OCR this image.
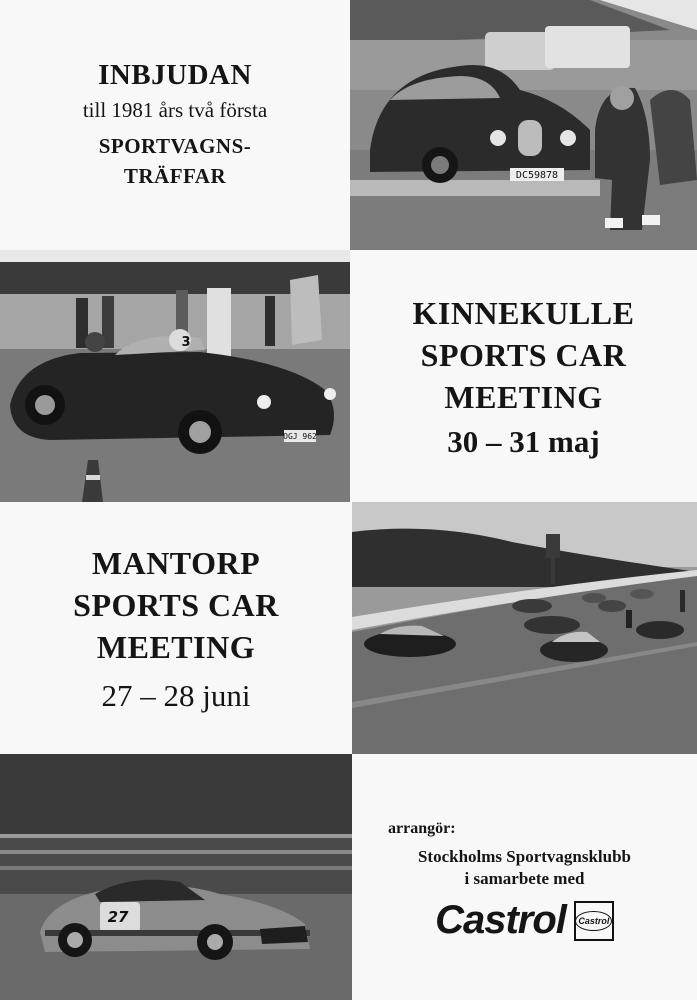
INBJUDAN
till 1981 års två första
SPORTVAGNS-
TRÄFFAR	DC59878
3
OGJ 962
KINNEKULLE
SPORTS CAR
MEETING
30 – 31 maj
MANTORP
SPORTS CAR
MEETING
27 – 28 juni
27
arrangör:
Stockholms Sportvagnsklubb
i samarbete med
Castrol	Castrol
